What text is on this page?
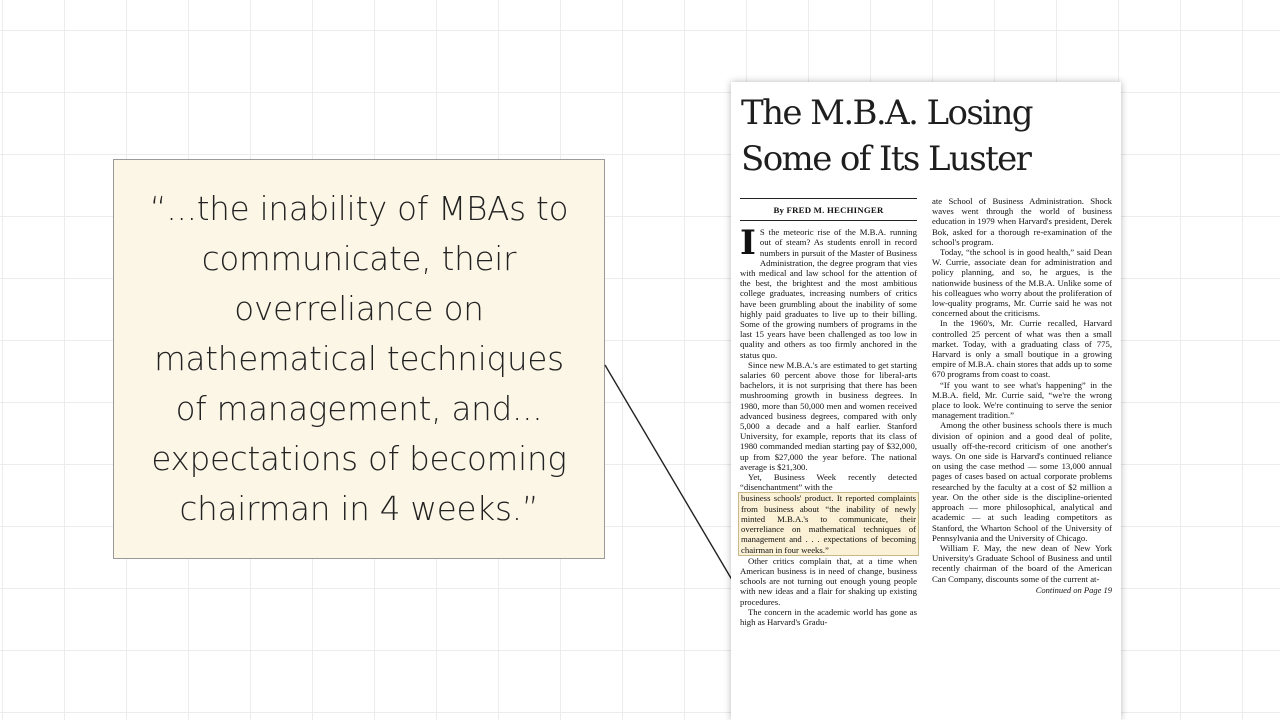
“...the inability of MBAs to
communicate, their
overreliance on
mathematical techniques
of management, and...
expectations of becoming
chairman in 4 weeks.”

The M.B.A. Losing
Some of Its Luster
By FRED M. HECHINGER

I S the meteoric rise of the M.B.A. running out of steam? As students enroll in record numbers in pursuit of the Master of Business Administration, the degree program that vies with medical and law school for the attention of the best, the brightest and the most ambitious college graduates, increasing numbers of critics have been grumbling about the inability of some highly paid graduates to live up to their billing. Some of the growing numbers of programs in the last 15 years have been challenged as too low in quality and others as too firmly anchored in the status quo.

Since new M.B.A.'s are estimated to get starting salaries 60 percent above those for liberal-arts bachelors, it is not surprising that there has been mushrooming growth in business degrees. In 1980, more than 50,000 men and women received advanced business degrees, compared with only 5,000 a decade and a half earlier. Stanford University, for example, reports that its class of 1980 commanded median starting pay of $32,000, up from $27,000 the year before. The national average is $21,300.

Yet, Business Week recently detected “disenchantment” with the

business schools' product. It reported complaints from business about “the inability of newly minted M.B.A.'s to communicate, their overreliance on mathematical techniques of management and . . . expectations of becoming chairman in four weeks.”

Other critics complain that, at a time when American business is in need of change, business schools are not turning out enough young people with new ideas and a flair for shaking up existing procedures.

The concern in the academic world has gone as high as Harvard's Gradu-

ate School of Business Administration. Shock waves went through the world of business education in 1979 when Harvard's president, Derek Bok, asked for a thorough re-examination of the school's program.

Today, “the school is in good health,” said Dean W. Currie, associate dean for administration and policy planning, and so, he argues, is the nationwide business of the M.B.A. Unlike some of his colleagues who worry about the proliferation of low-quality programs, Mr. Currie said he was not concerned about the criticisms.

In the 1960's, Mr. Currie recalled, Harvard controlled 25 percent of what was then a small market. Today, with a graduating class of 775, Harvard is only a small boutique in a growing empire of M.B.A. chain stores that adds up to some 670 programs from coast to coast.

“If you want to see what's happening” in the M.B.A. field, Mr. Currie said, “we're the wrong place to look. We're continuing to serve the senior management tradition.”

Among the other business schools there is much division of opinion and a good deal of polite, usually off-the-record criticism of one another's ways. On one side is Harvard's continued reliance on using the case method — some 13,000 annual pages of cases based on actual corporate problems researched by the faculty at a cost of $2 million a year. On the other side is the discipline-oriented approach — more philosophical, analytical and academic — at such leading competitors as Stanford, the Wharton School of the University of Pennsylvania and the University of Chicago.

William F. May, the new dean of New York University's Graduate School of Business and until recently chairman of the board of the American Can Company, discounts some of the current at-

Continued on Page 19
